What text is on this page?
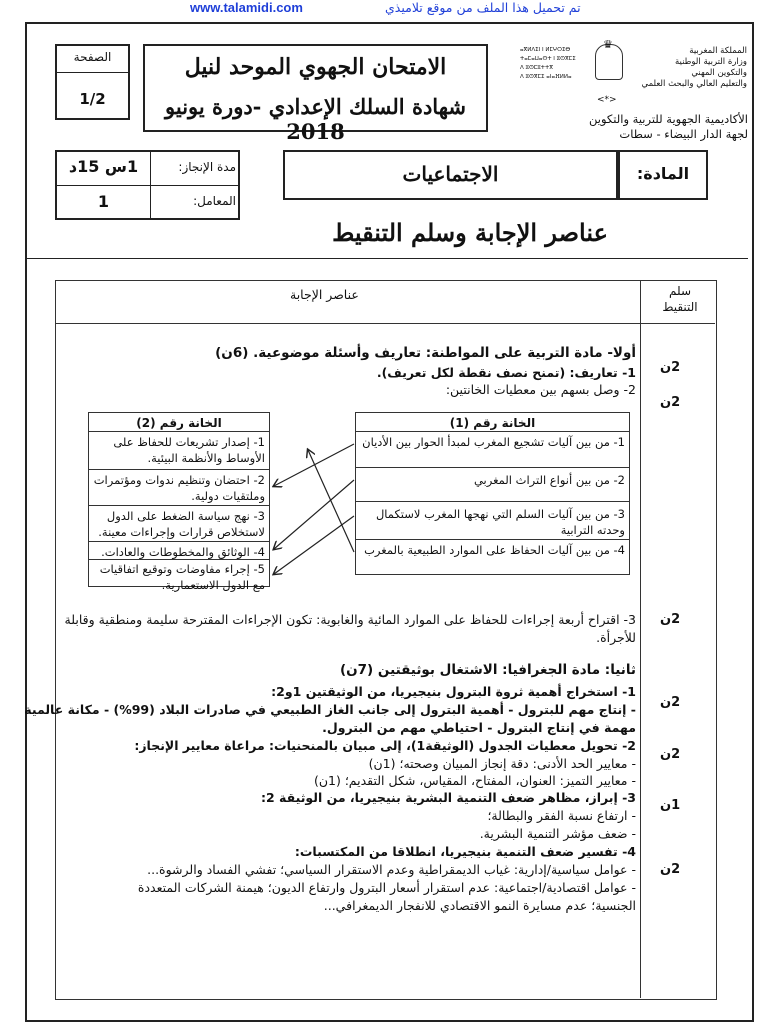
www.talamidi.com	تم تحميل هذا الملف من موقع تلاميذي
الصفحة
1/2
الامتحان الجهوي الموحد لنيل
شهادة السلك الإعدادي -دورة يونيو 2018
ⴰⴳⵍⴷⵉⵏ ⵏ ⵍⵎⵖⵔⵉⴱ
ⵜⴰⵎⴰⵡⴰⵙⵜ ⵏ ⵓⵙⴳⵎⵉ
ⴷ ⵓⵙⵎⵓⵜⵜⴳ
ⴷ ⵓⵙⴳⵎⵉ ⴰⵏⴰⴼⵍⵍⴰ
♛	المملكة المغربية
وزارة التربية الوطنية
والتكوين المهني
والتعليم العالي والبحث العلمي
<*>
الأكاديمية الجهوية للتربية والتكوين
لجهة الدار البيضاء - سطات
مدة الإنجاز:
1س 15د
المعامل:
1
الاجتماعيات	المادة:
عناصر الإجابة وسلم التنقيط
عناصر الإجابة	سلم
التنقيط
أولا- مادة التربية على المواطنة: تعاريف وأسئلة موضوعية. (6ن)
1- تعاريف: (تمنح نصف نقطة لكل تعريف).
2- وصل بسهم بين معطيات الخانتين:
2ن
2ن
الخانة رقم (1)
1- من بين آليات تشجيع المغرب لمبدأ الحوار بين الأديان
2- من بين أنواع التراث المغربي
3- من بين آليات السلم التي نهجها المغرب لاستكمال وحدته الترابية
4- من بين آليات الحفاظ على الموارد الطبيعية بالمغرب
الخانة رقم (2)
1- إصدار تشريعات للحفاظ على الأوساط والأنظمة البيئية.
2- احتضان وتنظيم ندوات ومؤتمرات وملتقيات دولية.
3- نهج سياسة الضغط على الدول لاستخلاص قرارات وإجراءات معينة.
4- الوثائق والمخطوطات والعادات.
5- إجراء مفاوضات وتوقيع اتفاقيات مع الدول الاستعمارية.
3- اقتراح أربعة إجراءات للحفاظ على الموارد المائية والغابوية: تكون الإجراءات المقترحة سليمة ومنطقية وقابلة
للأجرأة.
2ن
ثانيا: مادة الجغرافيا: الاشتغال بوثيقتين (7ن)
1- استخراج أهمية ثروة البترول بنيجيريا، من الوثيقتين 1و2:
- إنتاج مهم للبترول - أهمية البترول إلى جانب الغاز الطبيعي في صادرات البلاد (99%) - مكانة عالمية
مهمة في إنتاج البترول - احتياطي مهم من البترول.
2ن
2- تحويل معطيات الجدول (الوثيقة1)، إلى مبيان بالمنحنيات: مراعاة معايير الإنجاز:
- معايير الحد الأدنى: دقة إنجاز المبيان وصحته؛ (1ن)
- معايير التميز: العنوان، المفتاح، المقياس، شكل التقديم؛ (1ن)
2ن
3- إبراز، مظاهر ضعف التنمية البشرية بنيجيريا، من الوثيقة 2:
- ارتفاع نسبة الفقر والبطالة؛
- ضعف مؤشر التنمية البشرية.
1ن
4- تفسير ضعف التنمية بنيجيريا، انطلاقا من المكتسبات:
- عوامل سياسية/إدارية: غياب الديمقراطية وعدم الاستقرار السياسي؛ تفشي الفساد والرشوة...
- عوامل اقتصادية/اجتماعية: عدم استقرار أسعار البترول وارتفاع الديون؛ هيمنة الشركات المتعددة
الجنسية؛ عدم مسايرة النمو الاقتصادي للانفجار الديمغرافي...
2ن
